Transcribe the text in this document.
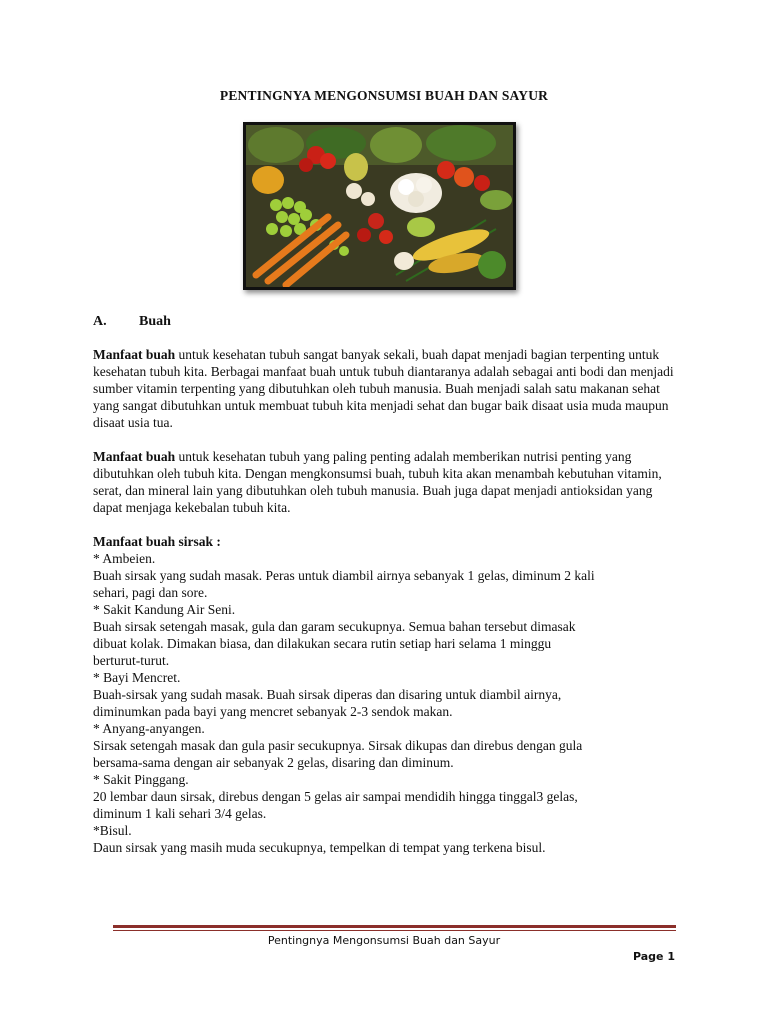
PENTINGNYA MENGONSUMSI BUAH DAN SAYUR
A. Buah

Manfaat buah untuk kesehatan tubuh sangat banyak sekali, buah dapat menjadi bagian terpenting untuk kesehatan tubuh kita. Berbagai manfaat buah untuk tubuh diantaranya adalah sebagai anti bodi dan menjadi sumber vitamin terpenting yang dibutuhkan oleh tubuh manusia. Buah menjadi salah satu makanan sehat yang sangat dibutuhkan untuk membuat tubuh kita menjadi sehat dan bugar baik disaat usia muda maupun disaat usia tua.

Manfaat buah untuk kesehatan tubuh yang paling penting adalah memberikan nutrisi penting yang dibutuhkan oleh tubuh kita. Dengan mengkonsumsi buah, tubuh kita akan menambah kebutuhan vitamin, serat, dan mineral lain yang dibutuhkan oleh tubuh manusia. Buah juga dapat menjadi antioksidan yang dapat menjaga kekebalan tubuh kita.

Manfaat buah sirsak :
* Ambeien.
Buah sirsak yang sudah masak. Peras untuk diambil airnya sebanyak 1 gelas, diminum 2 kali
sehari, pagi dan sore.
* Sakit Kandung Air Seni.
Buah sirsak setengah masak, gula dan garam secukupnya. Semua bahan tersebut dimasak
dibuat kolak. Dimakan biasa, dan dilakukan secara rutin setiap hari selama 1 minggu
berturut-turut.
* Bayi Mencret.
Buah-sirsak yang sudah masak. Buah sirsak diperas dan disaring untuk diambil airnya,
diminumkan pada bayi yang mencret sebanyak 2-3 sendok makan.
* Anyang-anyangen.
Sirsak setengah masak dan gula pasir secukupnya. Sirsak dikupas dan direbus dengan gula
bersama-sama dengan air sebanyak 2 gelas, disaring dan diminum.
* Sakit Pinggang.
20 lembar daun sirsak, direbus dengan 5 gelas air sampai mendidih hingga tinggal3 gelas,
diminum 1 kali sehari 3/4 gelas.
*Bisul.
Daun sirsak yang masih muda secukupnya, tempelkan di tempat yang terkena bisul.
Pentingnya Mengonsumsi Buah dan Sayur
Page 1
